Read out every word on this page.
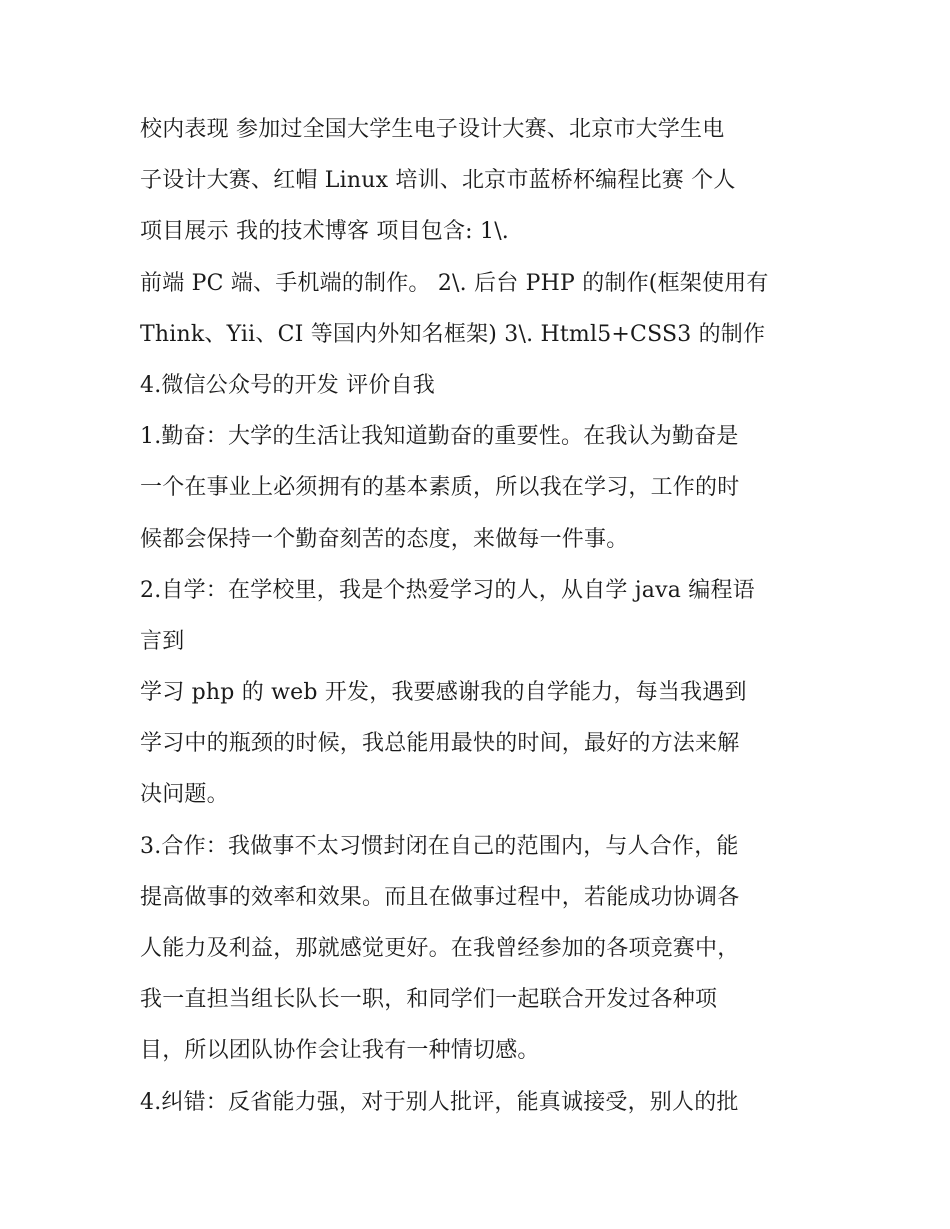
校内表现 参加过全国大学生电子设计大赛、北京市大学生电
子设计大赛、红帽 Linux 培训、北京市蓝桥杯编程比赛 个人
项目展示 我的技术博客 项目包含: 1\.
前端 PC 端、手机端的制作。 2\. 后台 PHP 的制作(框架使用有
Think、Yii、CI 等国内外知名框架) 3\. Html5+CSS3 的制作
4.微信公众号的开发 评价自我
1.勤奋：大学的生活让我知道勤奋的重要性。在我认为勤奋是
一个在事业上必须拥有的基本素质，所以我在学习，工作的时
候都会保持一个勤奋刻苦的态度，来做每一件事。
2.自学：在学校里，我是个热爱学习的人，从自学 java 编程语
言到
学习 php 的 web 开发，我要感谢我的自学能力，每当我遇到
学习中的瓶颈的时候，我总能用最快的时间，最好的方法来解
决问题。
3.合作：我做事不太习惯封闭在自己的范围内，与人合作，能
提高做事的效率和效果。而且在做事过程中，若能成功协调各
人能力及利益，那就感觉更好。在我曾经参加的各项竞赛中，
我一直担当组长队长一职，和同学们一起联合开发过各种项
目，所以团队协作会让我有一种情切感。
4.纠错：反省能力强，对于别人批评，能真诚接受，别人的批
